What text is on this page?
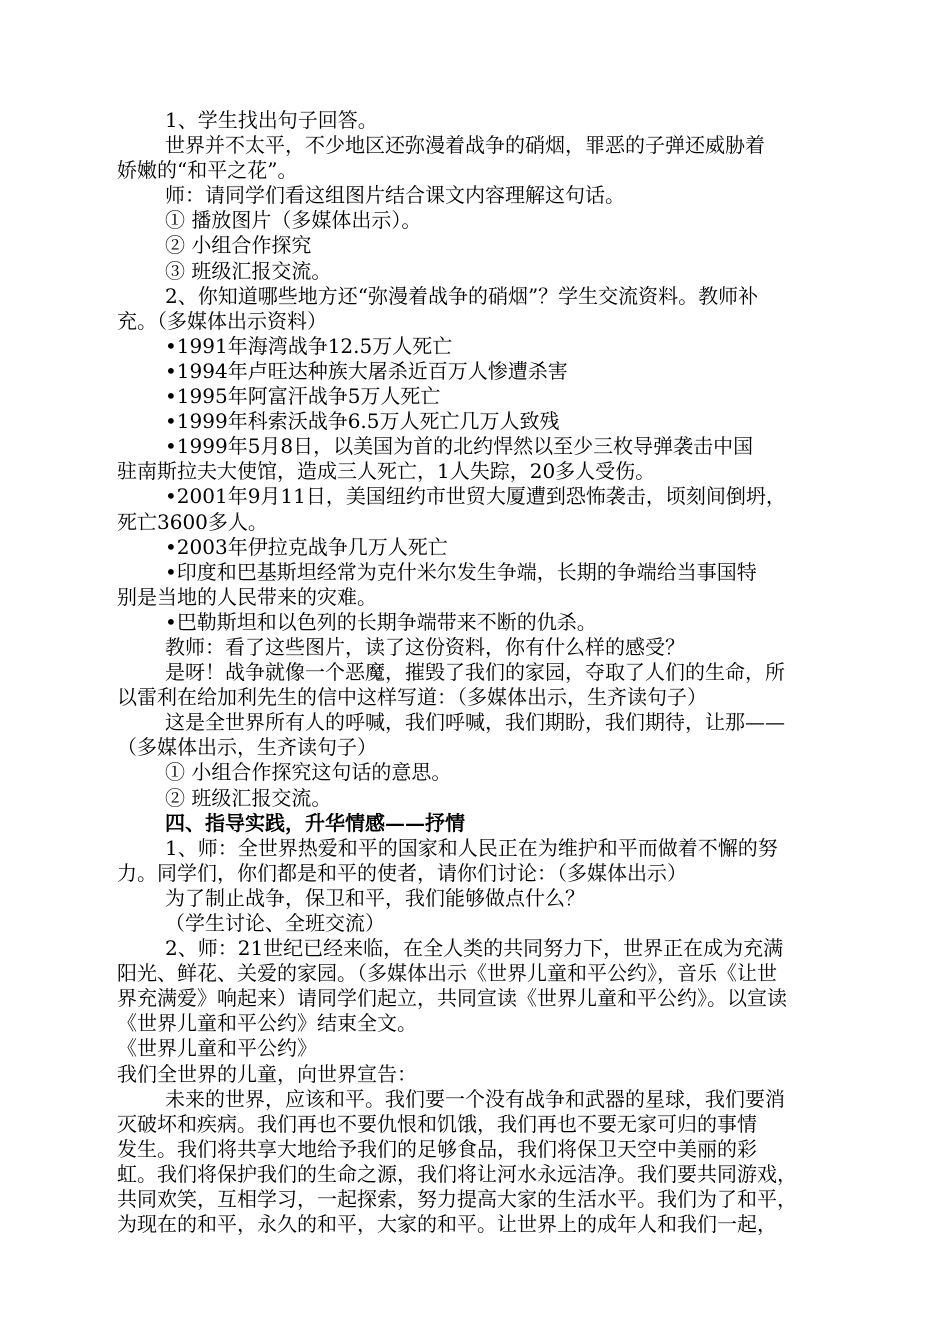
1、学生找出句子回答。

世界并不太平，不少地区还弥漫着战争的硝烟，罪恶的子弹还威胁着

娇嫩的“和平之花”。

师：请同学们看这组图片结合课文内容理解这句话。

① 播放图片（多媒体出示）。

② 小组合作探究

③ 班级汇报交流。

2、你知道哪些地方还“弥漫着战争的硝烟”？学生交流资料。教师补

充。（多媒体出示资料）

•1991年海湾战争12.5万人死亡

•1994年卢旺达种族大屠杀近百万人惨遭杀害

•1995年阿富汗战争5万人死亡

•1999年科索沃战争6.5万人死亡几万人致残

•1999年5月8日，以美国为首的北约悍然以至少三枚导弹袭击中国

驻南斯拉夫大使馆，造成三人死亡，1人失踪，20多人受伤。

•2001年9月11日，美国纽约市世贸大厦遭到恐怖袭击，顷刻间倒坍，

死亡3600多人。

•2003年伊拉克战争几万人死亡

•印度和巴基斯坦经常为克什米尔发生争端，长期的争端给当事国特

别是当地的人民带来的灾难。

•巴勒斯坦和以色列的长期争端带来不断的仇杀。

教师：看了这些图片，读了这份资料，你有什么样的感受？

是呀！战争就像一个恶魔，摧毁了我们的家园，夺取了人们的生命，所

以雷利在给加利先生的信中这样写道：（多媒体出示，生齐读句子）

这是全世界所有人的呼喊，我们呼喊，我们期盼，我们期待，让那——

（多媒体出示，生齐读句子）

① 小组合作探究这句话的意思。

② 班级汇报交流。

四、指导实践，升华情感——抒情

1、师：全世界热爱和平的国家和人民正在为维护和平而做着不懈的努

力。同学们，你们都是和平的使者，请你们讨论：（多媒体出示）

为了制止战争，保卫和平，我们能够做点什么？

（学生讨论、全班交流）

2、师：21世纪已经来临，在全人类的共同努力下，世界正在成为充满

阳光、鲜花、关爱的家园。（多媒体出示《世界儿童和平公约》，音乐《让世

界充满爱》响起来）请同学们起立，共同宣读《世界儿童和平公约》。以宣读

《世界儿童和平公约》结束全文。

《世界儿童和平公约》

我们全世界的儿童，向世界宣告：

未来的世界，应该和平。我们要一个没有战争和武器的星球，我们要消

灭破坏和疾病。我们再也不要仇恨和饥饿，我们再也不要无家可归的事情

发生。我们将共享大地给予我们的足够食品，我们将保卫天空中美丽的彩

虹。我们将保护我们的生命之源，我们将让河水永远洁净。我们要共同游戏，

共同欢笑，互相学习，一起探索，努力提高大家的生活水平。我们为了和平，

为现在的和平，永久的和平，大家的和平。让世界上的成年人和我们一起，
